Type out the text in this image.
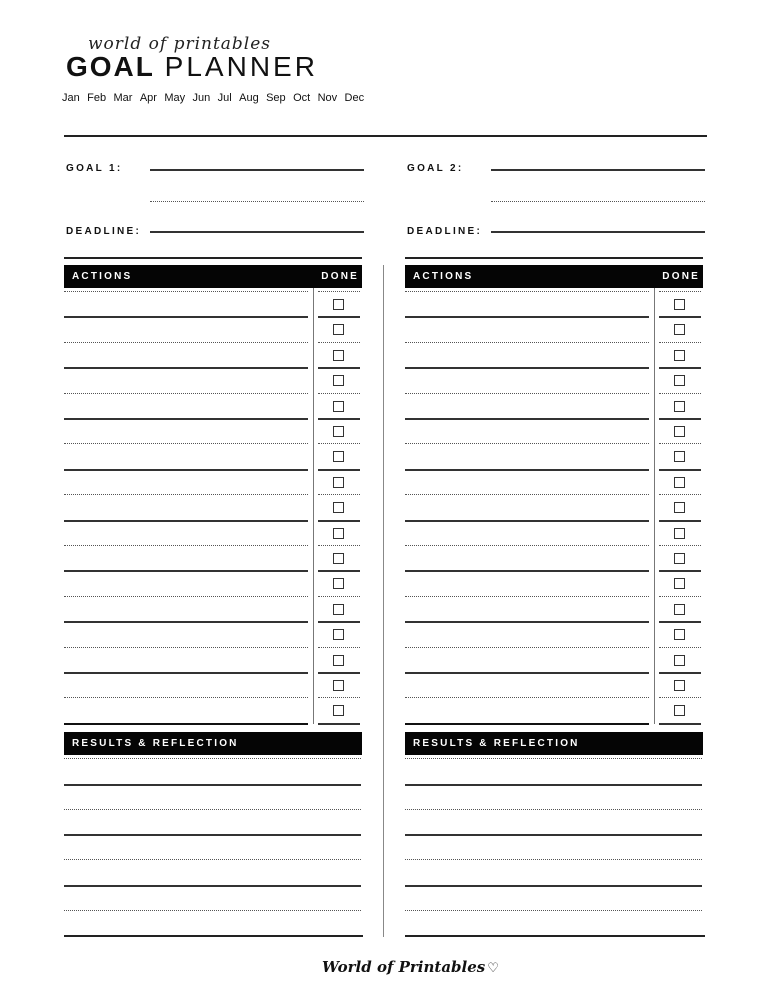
world of printables
GOAL PLANNER
Jan Feb Mar Apr May Jun Jul Aug Sep Oct Nov Dec
GOAL 1:
DEADLINE:
ACTIONS	DONE
RESULTS & REFLECTION
GOAL 2:
DEADLINE:
ACTIONS	DONE
RESULTS & REFLECTION
World of Printables ♡
